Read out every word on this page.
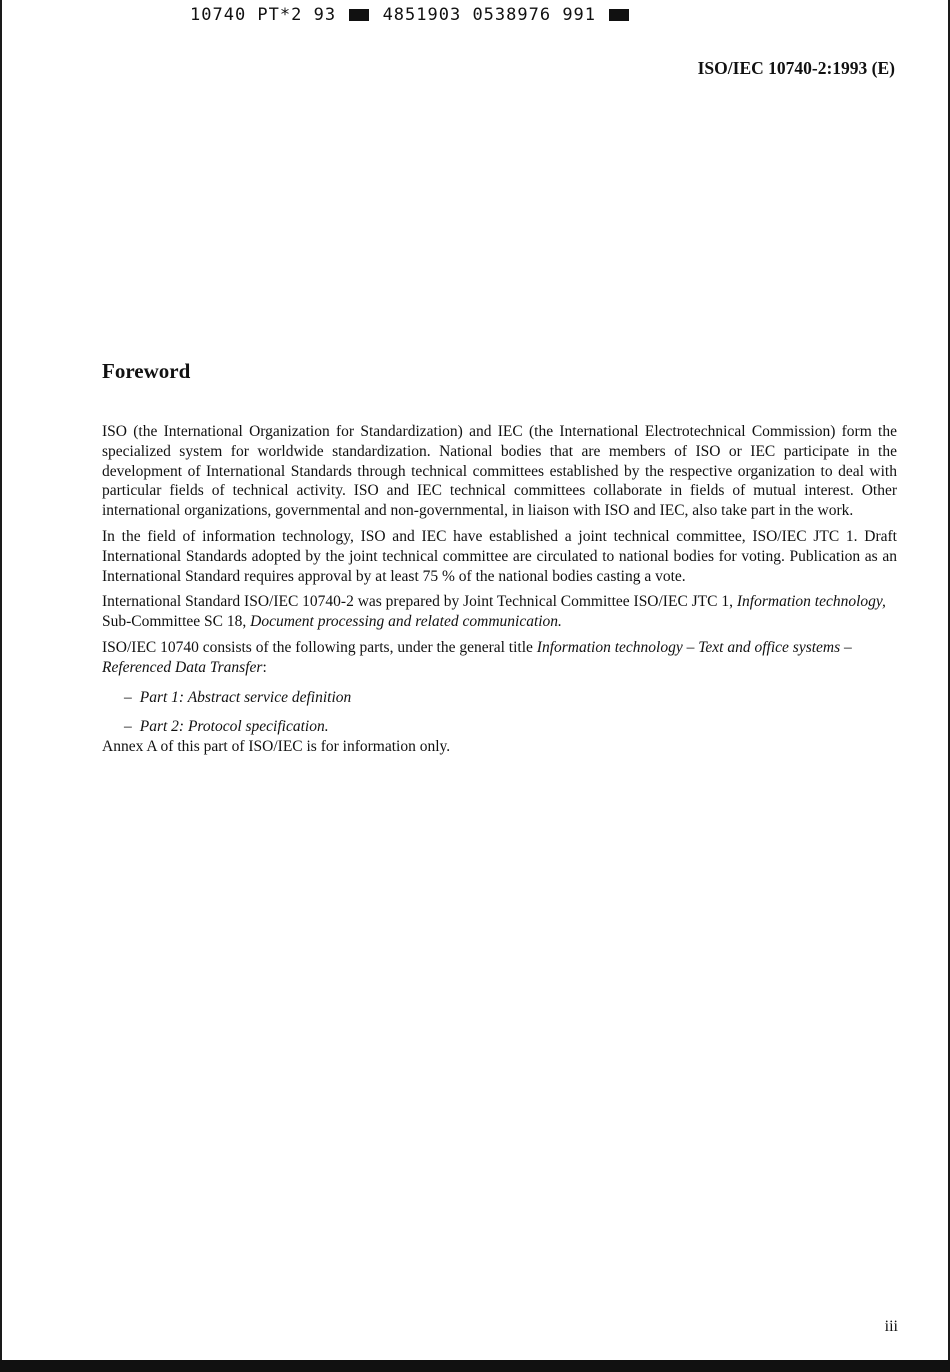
10740 PT*2 93	4851903 0538976 991
ISO/IEC 10740-2:1993 (E)
Foreword

ISO (the International Organization for Standardization) and IEC (the International Electrotechnical Commission) form the specialized system for worldwide standardization. National bodies that are members of ISO or IEC participate in the development of International Standards through technical committees established by the respective organization to deal with particular fields of technical activity. ISO and IEC technical committees collaborate in fields of mutual interest. Other international organizations, governmental and non-governmental, in liaison with ISO and IEC, also take part in the work.

In the field of information technology, ISO and IEC have established a joint technical committee, ISO/IEC JTC 1. Draft International Standards adopted by the joint technical committee are circulated to national bodies for voting. Publication as an International Standard requires approval by at least 75 % of the national bodies casting a vote.

International Standard ISO/IEC 10740-2 was prepared by Joint Technical Committee ISO/IEC JTC 1, Information technology, Sub-Committee SC 18, Document processing and related communication.

ISO/IEC 10740 consists of the following parts, under the general title Information technology – Text and office systems – Referenced Data Transfer:

– Part 1: Abstract service definition
– Part 2: Protocol specification.

Annex A of this part of ISO/IEC is for information only.

iii
